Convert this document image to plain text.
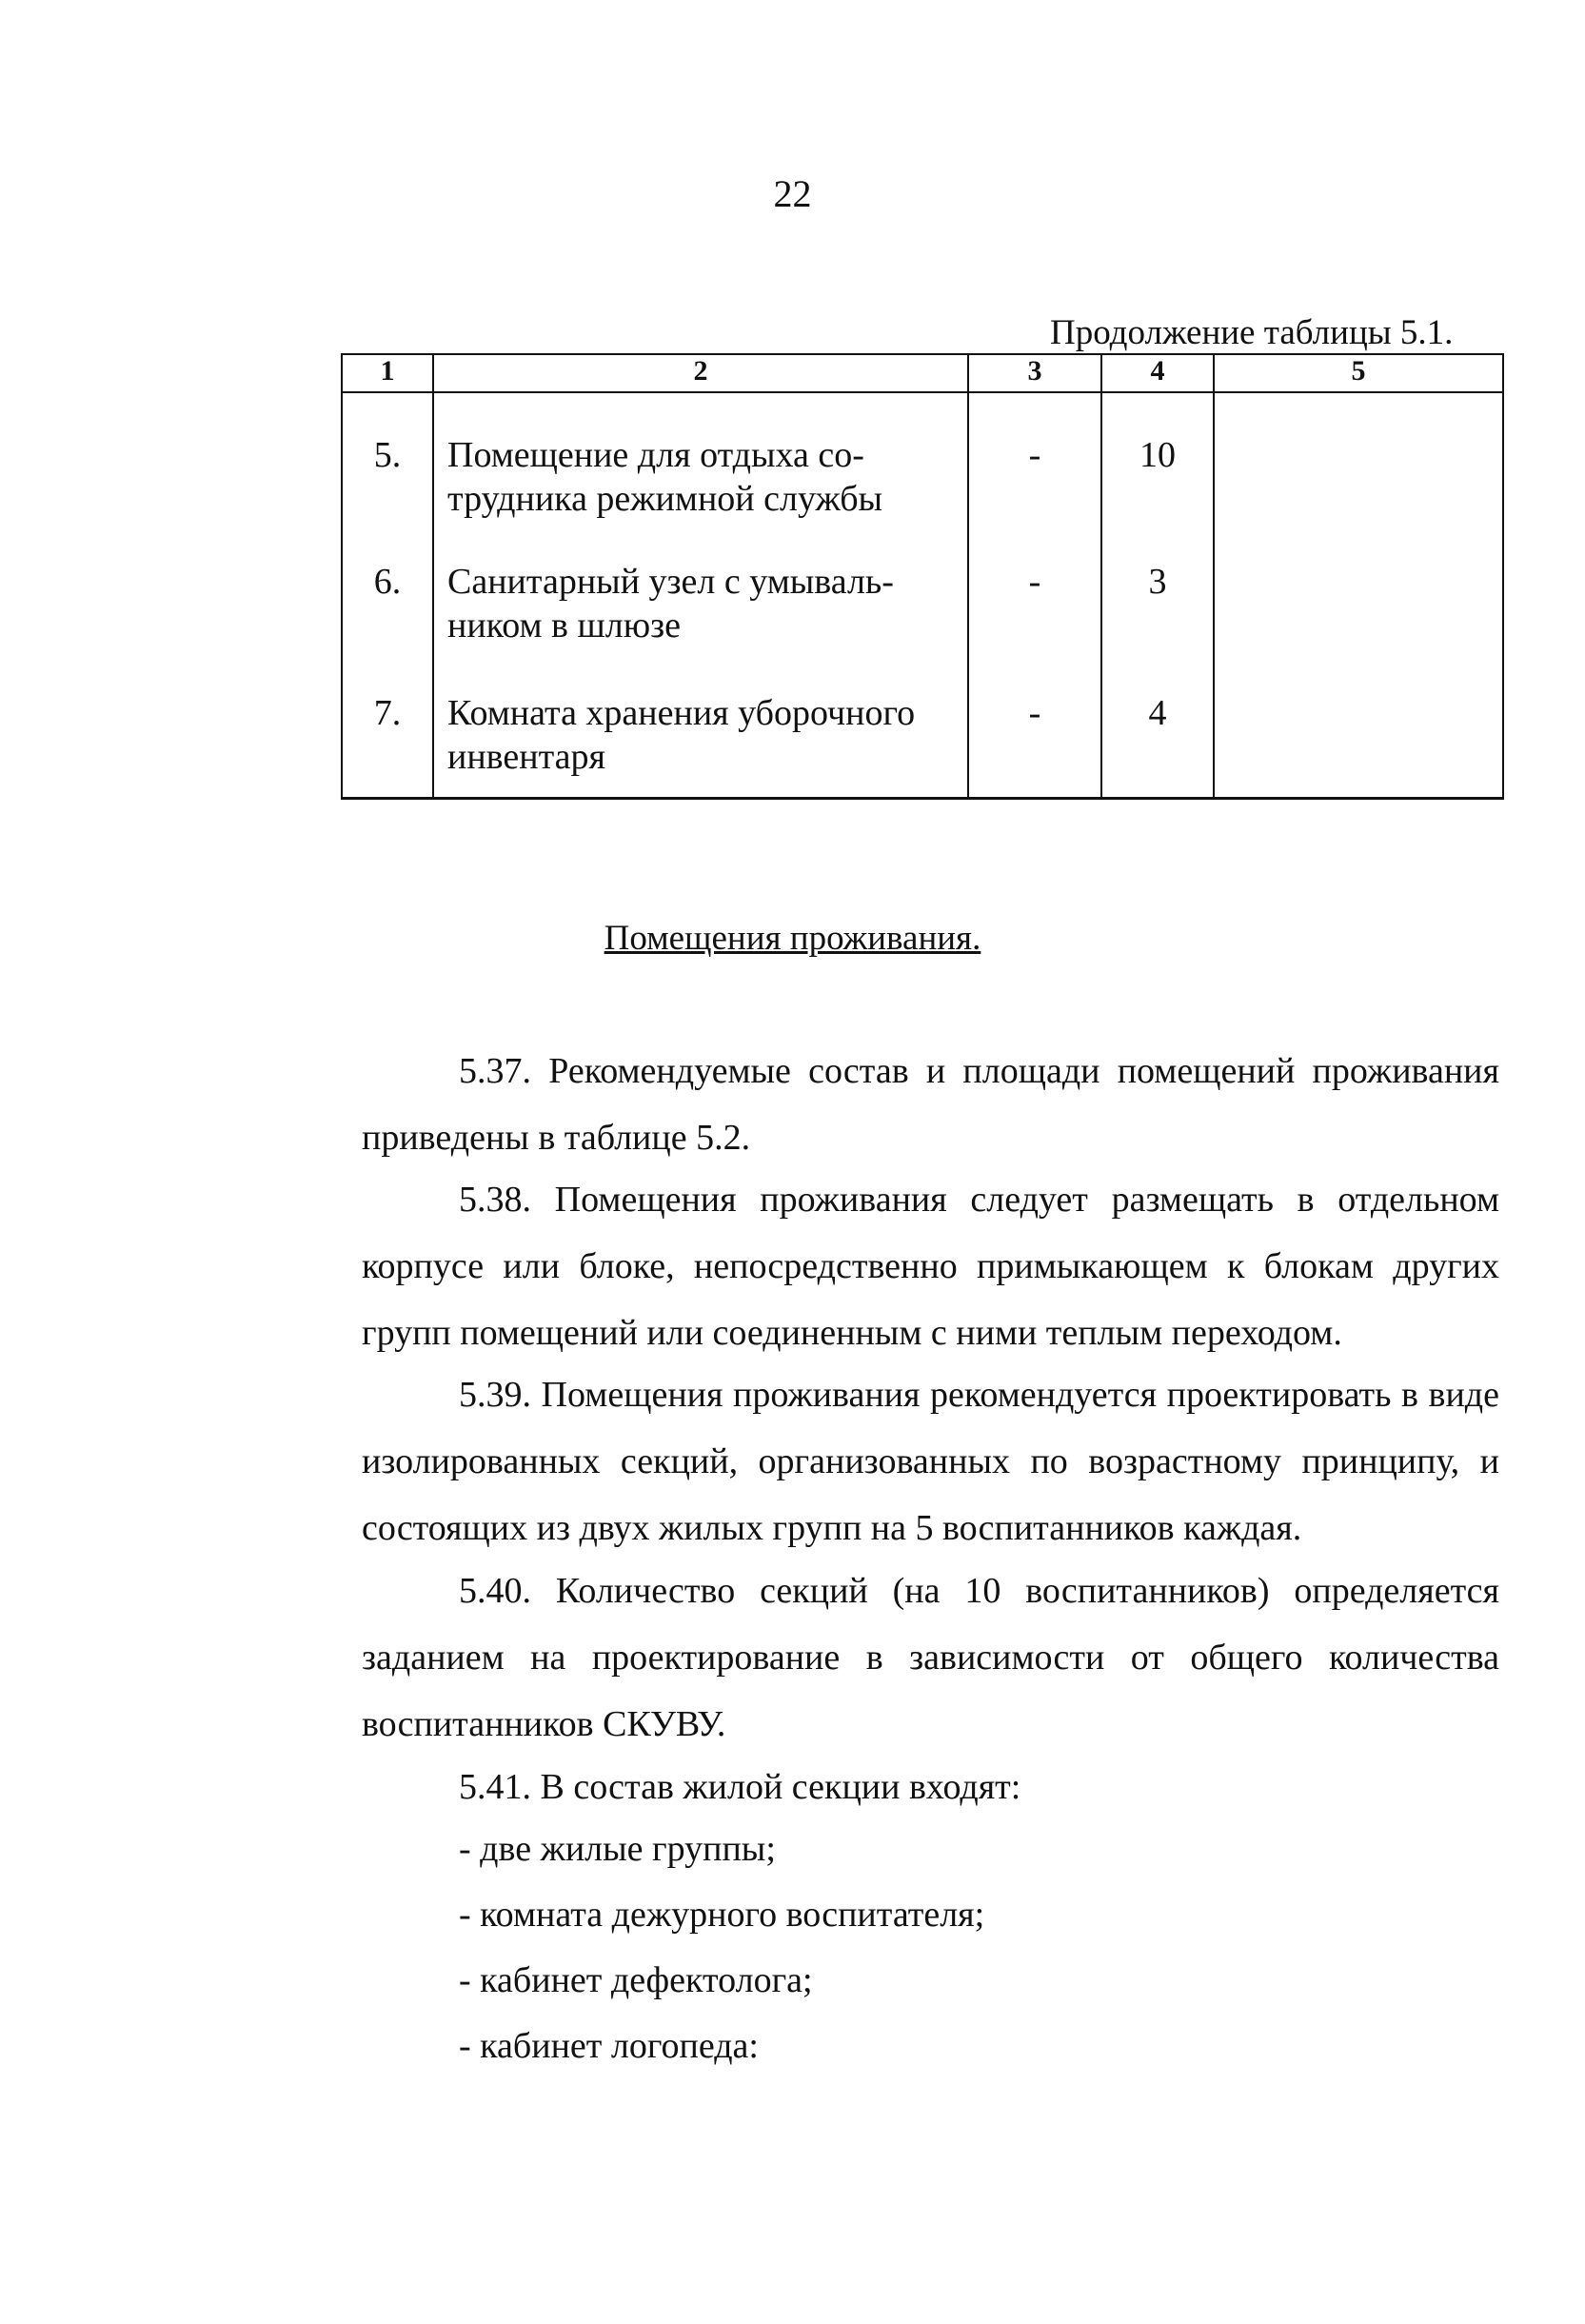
22
Продолжение таблицы 5.1.
1	2	3	4	5
5.	Помещение для отдыха со-трудника режимной службы	-	10	
6.	Санитарный узел с умываль-ником в шлюзе	-	3	
7.	Комната хранения уборочного инвентаря	-	4	
Помещения проживания.

5.37. Рекомендуемые состав и площади помещений проживания приведены в таблице 5.2.

5.38. Помещения проживания следует размещать в отдельном корпусе или блоке, непосредственно примыкающем к блокам других групп помещений или соединенным с ними теплым переходом.

5.39. Помещения проживания рекомендуется проектировать в виде изолированных секций, организованных по возрастному принципу, и состоящих из двух жилых групп на 5 воспитанников каждая.

5.40. Количество секций (на 10 воспитанников) определяется заданием на проектирование в зависимости от общего количества воспитанников СКУВУ.

5.41. В состав жилой секции входят:

- две жилые группы;
- комната дежурного воспитателя;
- кабинет дефектолога;
- кабинет логопеда:
